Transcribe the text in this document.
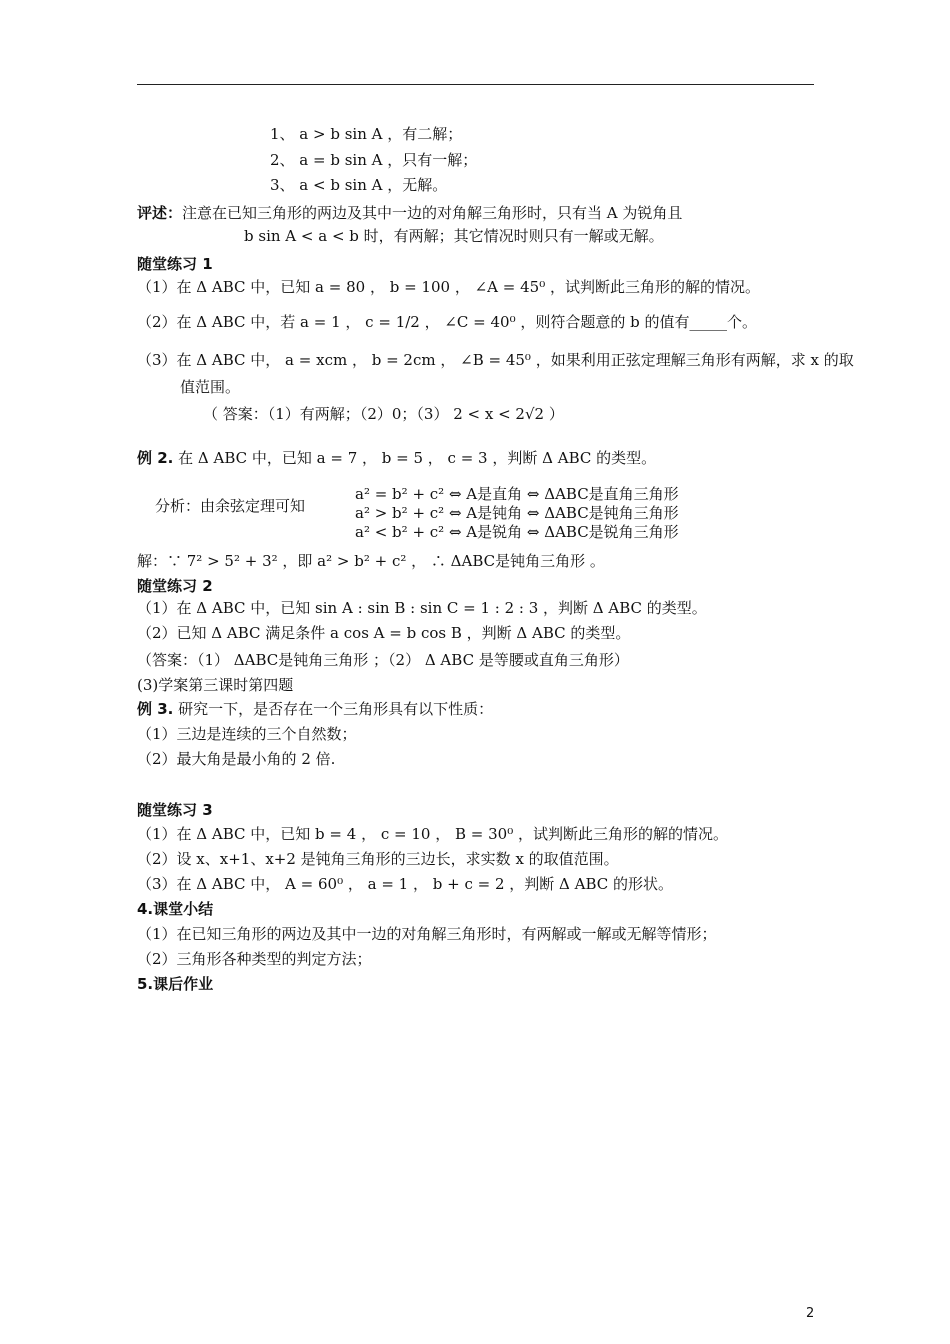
1、 a > b sin A ，有二解；
2、 a = b sin A ，只有一解；
3、 a < b sin A ，无解。
评述：注意在已知三角形的两边及其中一边的对角解三角形时，只有当 A 为锐角且
b sin A < a < b 时，有两解；其它情况时则只有一解或无解。
随堂练习 1
（1）在 Δ ABC 中，已知 a = 80 ， b = 100 ， ∠A = 45⁰ ，试判断此三角形的解的情况。
（2）在 Δ ABC 中，若 a = 1 ， c = 1/2 ， ∠C = 40⁰ ，则符合题意的 b 的值有_____个。
（3）在 Δ ABC 中， a = xcm ， b = 2cm ， ∠B = 45⁰ ，如果利用正弦定理解三角形有两解，求 x 的取
值范围。
（ 答案：（1）有两解；（2）0；（3） 2 < x < 2√2 ）
例 2. 在 Δ ABC 中，已知 a = 7 ， b = 5 ， c = 3 ，判断 Δ ABC 的类型。
分析：由余弦定理可知
a² = b² + c² ⇔ A是直角 ⇔ ΔABC是直角三角形
a² > b² + c² ⇔ A是钝角 ⇔ ΔABC是钝角三角形
a² < b² + c² ⇔ A是锐角 ⇔ ΔABC是锐角三角形
解：∵ 7² > 5² + 3² ，即 a² > b² + c² ， ∴ ΔABC是钝角三角形 。
随堂练习 2
（1）在 Δ ABC 中，已知 sin A : sin B : sin C = 1 : 2 : 3 ，判断 Δ ABC 的类型。
（2）已知 Δ ABC 满足条件 a cos A = b cos B ，判断 Δ ABC 的类型。
（答案：（1） ΔABC是钝角三角形 ；（2） Δ ABC 是等腰或直角三角形）
(3)学案第三课时第四题
例 3. 研究一下，是否存在一个三角形具有以下性质：
（1）三边是连续的三个自然数；
（2）最大角是最小角的 2 倍.
随堂练习 3
（1）在 Δ ABC 中，已知 b = 4 ， c = 10 ， B = 30⁰ ，试判断此三角形的解的情况。
（2）设 x、x+1、x+2 是钝角三角形的三边长，求实数 x 的取值范围。
（3）在 Δ ABC 中， A = 60⁰ ， a = 1 ， b + c = 2 ，判断 Δ ABC 的形状。
4.课堂小结
（1）在已知三角形的两边及其中一边的对角解三角形时，有两解或一解或无解等情形；
（2）三角形各种类型的判定方法；
5.课后作业
2
